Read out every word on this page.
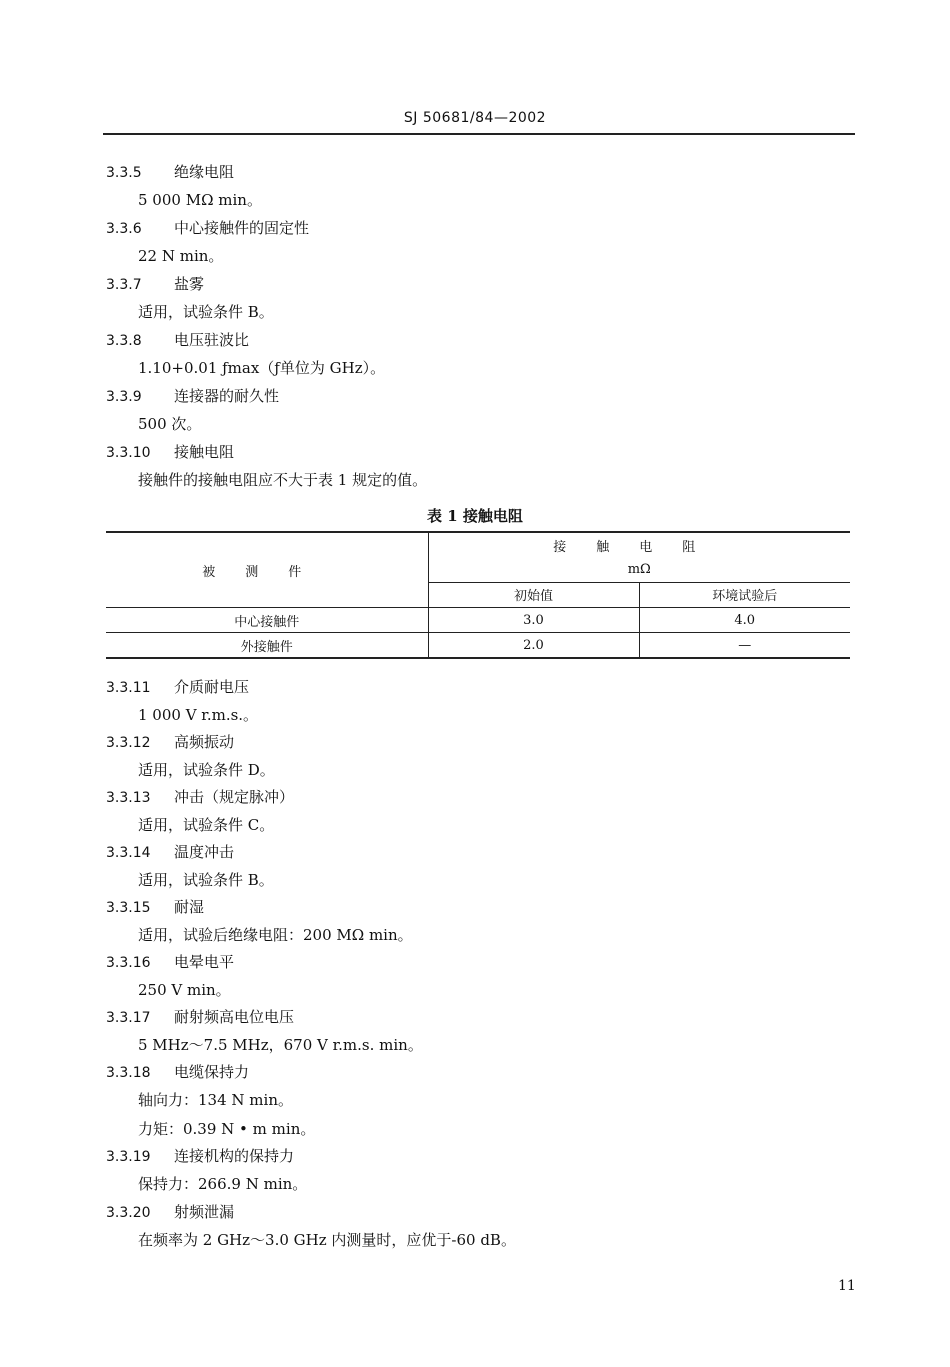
SJ 50681/84—2002
3.3.5 绝缘电阻
5 000 MΩ min。
3.3.6 中心接触件的固定性
22 N min。
3.3.7 盐雾
适用，试验条件 B。
3.3.8 电压驻波比
1.10+0.01 ƒmax（ƒ单位为 GHz）。
3.3.9 连接器的耐久性
500 次。
3.3.10 接触电阻
接触件的接触电阻应不大于表 1 规定的值。
表 1 接触电阻
被测件	接触电阻	
	mΩ	
	初始值	环境试验后
中心接触件	3.0	4.0
外接触件	2.0	—
3.3.11 介质耐电压
1 000 V r.m.s.。
3.3.12 高频振动
适用，试验条件 D。
3.3.13 冲击（规定脉冲）
适用，试验条件 C。
3.3.14 温度冲击
适用，试验条件 B。
3.3.15 耐湿
适用，试验后绝缘电阻：200 MΩ min。
3.3.16 电晕电平
250 V min。
3.3.17 耐射频高电位电压
5 MHz～7.5 MHz，670 V r.m.s. min。
3.3.18 电缆保持力
轴向力：134 N min。
力矩：0.39 N • m min。
3.3.19 连接机构的保持力
保持力：266.9 N min。
3.3.20 射频泄漏
在频率为 2 GHz～3.0 GHz 内测量时，应优于-60 dB。
11
